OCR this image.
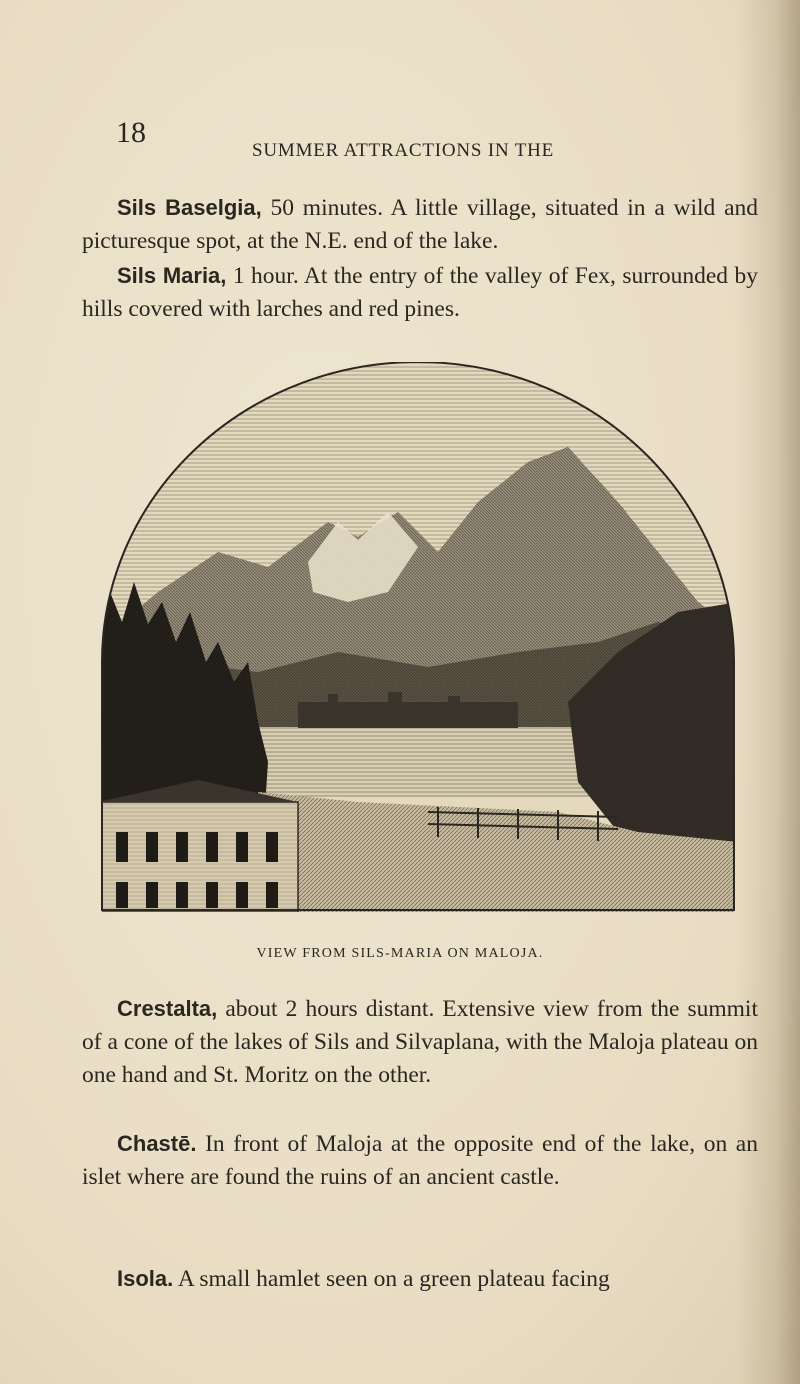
18
SUMMER ATTRACTIONS IN THE
Sils Baselgia, 50 minutes. A little village, situated in a wild and picturesque spot, at the N.E. end of the lake.
Sils Maria, 1 hour. At the entry of the valley of Fex, surrounded by hills covered with larches and red pines.
VIEW FROM SILS-MARIA ON MALOJA.
Crestalta, about 2 hours distant. Extensive view from the summit of a cone of the lakes of Sils and Silvaplana, with the Maloja plateau on one hand and St. Moritz on the other.
Chastē. In front of Maloja at the opposite end of the lake, on an islet where are found the ruins of an ancient castle.
Isola. A small hamlet seen on a green plateau facing
